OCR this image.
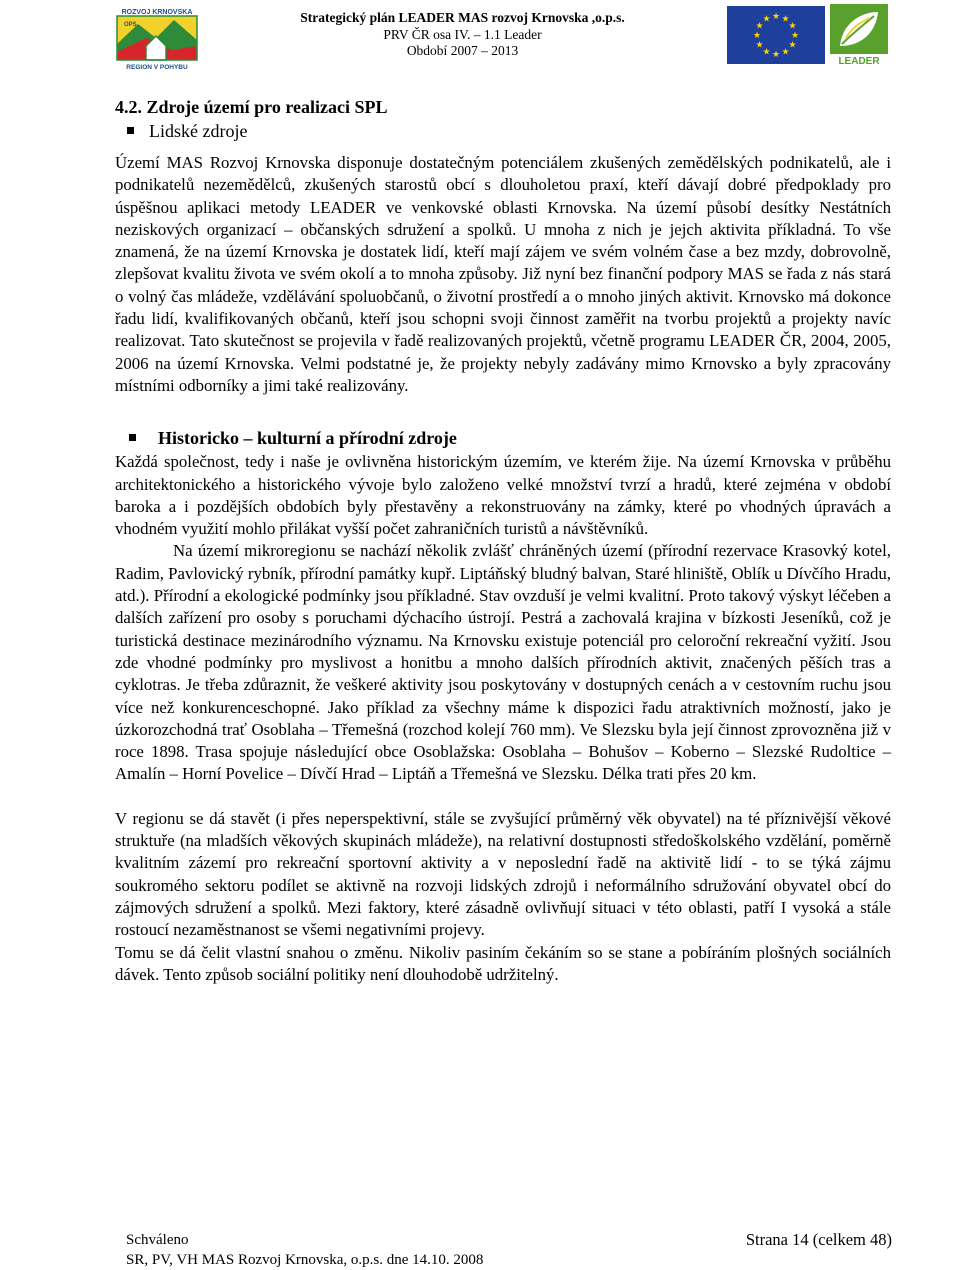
ROZVOJ KRNOVSKA
OPS
REGION V POHYBU
Strategický plán LEADER MAS rozvoj Krnovska ,o.p.s.
PRV ČR osa IV. – 1.1 Leader
Období 2007 – 2013
★ ★
★
★
★
★
★
★
★
★
★
★
LEADER
4.2. Zdroje území pro realizaci SPL
Lidské zdroje

Území MAS Rozvoj Krnovska disponuje dostatečným potenciálem zkušených zemědělských podnikatelů, ale i podnikatelů nezemědělců, zkušených starostů obcí s dlouholetou praxí, kteří dávají dobré předpoklady pro úspěšnou aplikaci metody LEADER ve venkovské oblasti Krnovska. Na území působí desítky Nestátních neziskových organizací – občanských sdružení a spolků. U mnoha z nich je jejch aktivita příkladná. To vše znamená, že na území Krnovska je dostatek lidí, kteří mají zájem ve svém volném čase a bez mzdy, dobrovolně, zlepšovat kvalitu života ve svém okolí a to mnoha způsoby. Již nyní bez finanční podpory MAS se řada z nás stará o volný čas mládeže, vzdělávání spoluobčanů, o životní prostředí a o mnoho jiných aktivit. Krnovsko má dokonce řadu lidí, kvalifikovaných občanů, kteří jsou schopni svoji činnost zaměřit na tvorbu projektů a projekty navíc realizovat. Tato skutečnost se projevila v řadě realizovaných projektů, včetně programu LEADER ČR, 2004, 2005, 2006 na území Krnovska. Velmi podstatné je, že projekty nebyly zadávány mimo Krnovsko a byly zpracovány místními odborníky a jimi také realizovány.

Historicko – kulturní a přírodní zdroje

Každá společnost, tedy i naše je ovlivněna historickým územím, ve kterém žije. Na území Krnovska v průběhu architektonického a historického vývoje bylo založeno velké množství tvrzí a hradů, které zejména v období baroka a i pozdějších obdobích byly přestavěny a rekonstruovány na zámky, které po vhodných úpravách a vhodném využití mohlo přilákat vyšší počet zahraničních turistů a návštěvníků.

Na území mikroregionu se nachází několik zvlášť chráněných území (přírodní rezervace Krasovký kotel, Radim, Pavlovický rybník, přírodní památky kupř. Liptáňský bludný balvan, Staré hliniště, Oblík u Dívčího Hradu, atd.). Přírodní a ekologické podmínky jsou příkladné. Stav ovzduší je velmi kvalitní. Proto takový výskyt léčeben a dalších zařízení pro osoby s poruchami dýchacího ústrojí. Pestrá a zachovalá krajina v bízkosti Jeseníků, což je turistická destinace mezinárodního významu. Na Krnovsku existuje potenciál pro celoroční rekreační vyžití. Jsou zde vhodné podmínky pro myslivost a honitbu a mnoho dalších přírodních aktivit, značených pěších tras a cyklotras. Je třeba zdůraznit, že veškeré aktivity jsou poskytovány v dostupných cenách a v cestovním ruchu jsou více než konkurenceschopné. Jako příklad za všechny máme k dispozici řadu atraktivních možností, jako je úzkorozchodná trať Osoblaha – Třemešná (rozchod kolejí 760 mm). Ve Slezsku byla její činnost zprovozněna již v roce 1898. Trasa spojuje následující obce Osoblažska: Osoblaha – Bohušov – Koberno – Slezské Rudoltice – Amalín – Horní Povelice – Dívčí Hrad – Liptáň a Třemešná ve Slezsku. Délka trati přes 20 km.

V regionu se dá stavět (i přes neperspektivní, stále se zvyšující průměrný věk obyvatel) na té příznivější věkové struktuře (na mladších věkových skupinách mládeže), na relativní dostupnosti středoškolského vzdělání, poměrně kvalitním zázemí pro rekreační sportovní aktivity a v neposlední řadě na aktivitě lidí - to se týká zájmu soukromého sektoru podílet se aktivně na rozvoji lidských zdrojů i neformálního sdružování obyvatel obcí do zájmových sdružení a spolků. Mezi faktory, které zásadně ovlivňují situaci v této oblasti, patří I vysoká a stále rostoucí nezaměstnanost se všemi negativními projevy.

Tomu se dá čelit vlastní snahou o změnu. Nikoliv pasiním čekáním so se stane a pobíráním plošných sociálních dávek. Tento způsob sociální politiky není dlouhodobě udržitelný.

Schváleno
SR, PV, VH MAS Rozvoj Krnovska, o.p.s. dne 14.10. 2008
Strana 14 (celkem 48)
